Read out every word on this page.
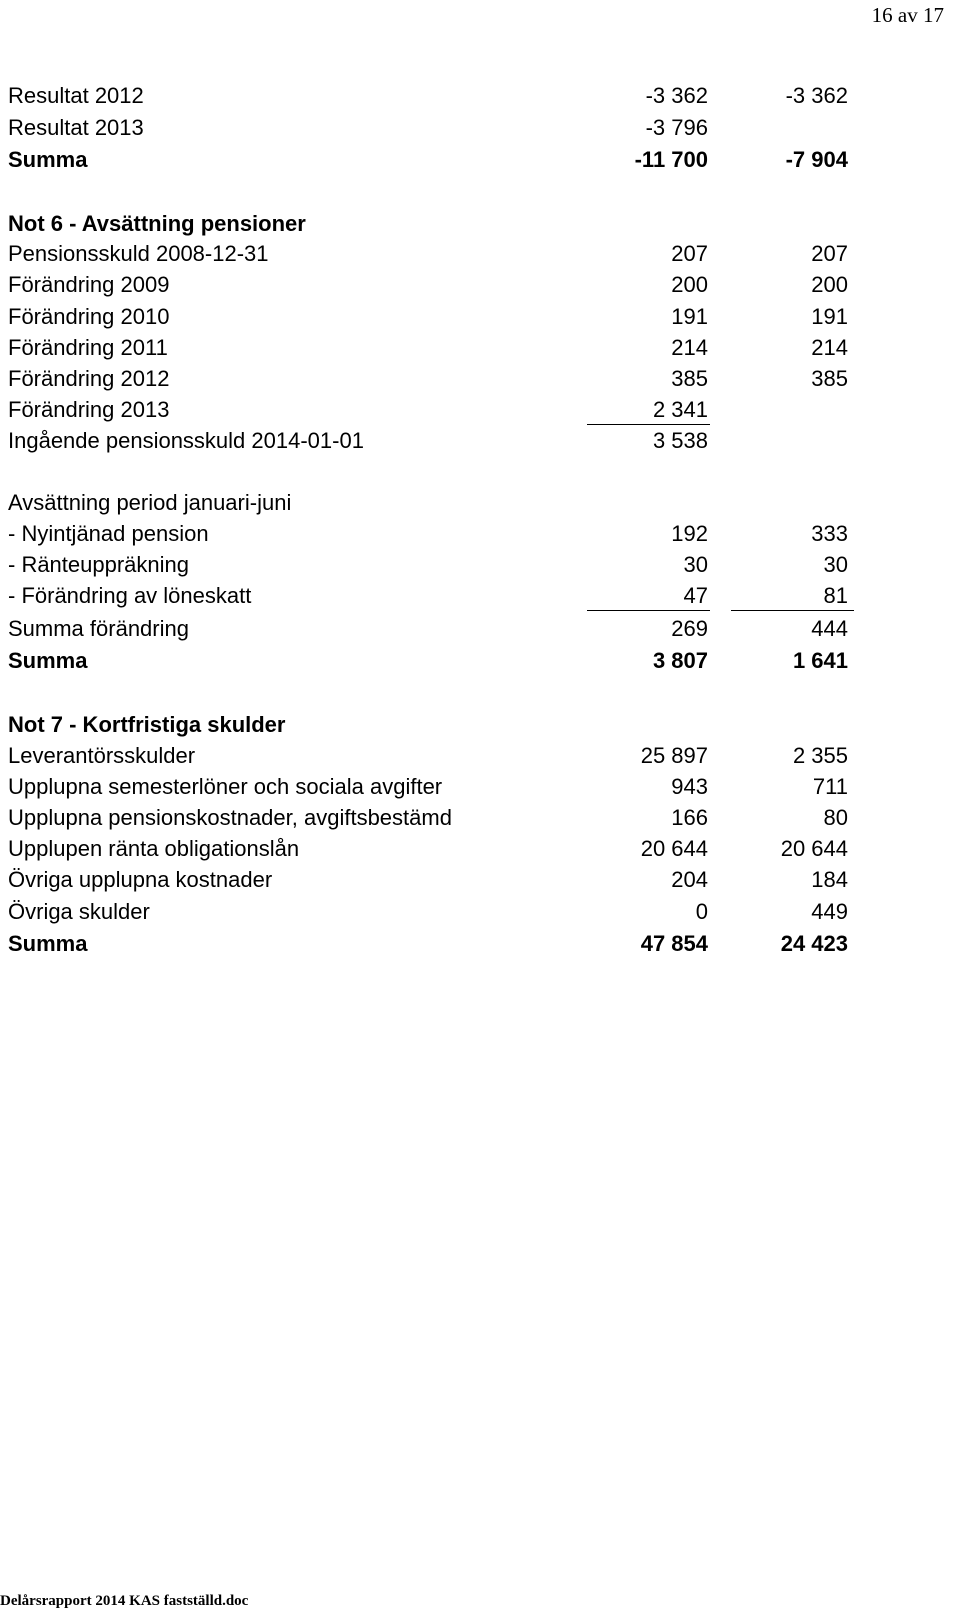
16 av 17
Resultat 2012	-3 362	-3 362
Resultat 2013	-3 796
Summa	-11 700	-7 904
Not 6 - Avsättning pensioner
Pensionsskuld 2008-12-31	207	207
Förändring 2009	200	200
Förändring 2010	191	191
Förändring 2011	214	214
Förändring 2012	385	385
Förändring 2013	2 341
Ingående pensionsskuld 2014-01-01	3 538
Avsättning period januari-juni
- Nyintjänad pension	192	333
- Ränteuppräkning	30	30
- Förändring av löneskatt	47	81
Summa förändring	269	444
Summa	3 807	1 641
Not 7 - Kortfristiga skulder
Leverantörsskulder	25 897	2 355
Upplupna semesterlöner och sociala avgifter	943	711
Upplupna pensionskostnader, avgiftsbestämd	166	80
Upplupen ränta obligationslån	20 644	20 644
Övriga upplupna kostnader	204	184
Övriga skulder	0	449
Summa	47 854	24 423
Delårsrapport 2014 KAS fastställd.doc
